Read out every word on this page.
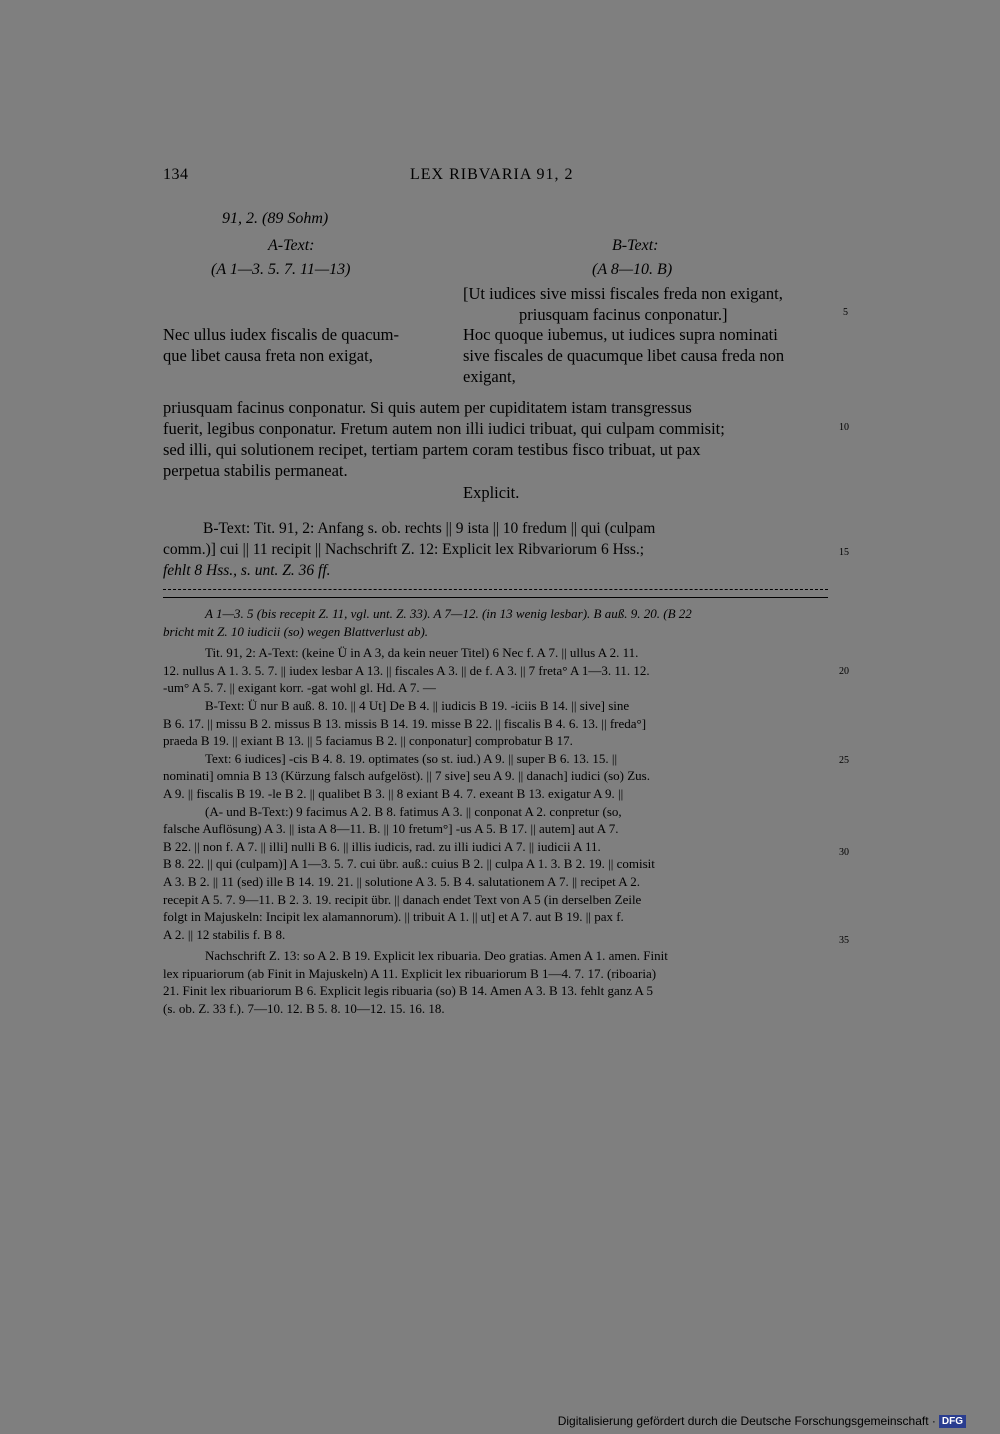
134	LEX RIBVARIA 91, 2
91, 2. (89 Sohm)
A-Text:
(A 1—3. 5. 7. 11—13)
B-Text:
(A 8—10. B)
[Ut iudices sive missi fiscales freda non exigant,
priusquam facinus conponatur.]
Nec ullus iudex fiscalis de quacum-
que libet causa freta non exigat,
Hoc quoque iubemus, ut iudices supra nominati
sive fiscales de quacumque libet causa freda non
exigant,
priusquam facinus conponatur. Si quis autem per cupiditatem istam transgressus
fuerit, legibus conponatur. Fretum autem non illi iudici tribuat, qui culpam commisit;
sed illi, qui solutionem recipet, tertiam partem coram testibus fisco tribuat, ut pax
perpetua stabilis permaneat.
Explicit.
5
10
15
20
25
30
35
B-Text: Tit. 91, 2: Anfang s. ob. rechts || 9 ista || 10 fredum || qui (culpam
comm.)] cui || 11 recipit || Nachschrift Z. 12: Explicit lex Ribvariorum 6 Hss.;
fehlt 8 Hss., s. unt. Z. 36 ff.
A 1—3. 5 (bis recepit Z. 11, vgl. unt. Z. 33). A 7—12. (in 13 wenig lesbar). B auß. 9. 20. (B 22
bricht mit Z. 10 iudicii (so) wegen Blattverlust ab).
Tit. 91, 2: A-Text: (keine Ü in A 3, da kein neuer Titel) 6 Nec f. A 7. || ullus A 2. 11.
12. nullus A 1. 3. 5. 7. || iudex lesbar A 13. || fiscales A 3. || de f. A 3. || 7 freta° A 1—3. 11. 12.
-um° A 5. 7. || exigant korr. -gat wohl gl. Hd. A 7. —
B-Text: Ü nur B auß. 8. 10. || 4 Ut] De B 4. || iudicis B 19. -iciis B 14. || sive] sine
B 6. 17. || missu B 2. missus B 13. missis B 14. 19. misse B 22. || fiscalis B 4. 6. 13. || freda°]
praeda B 19. || exiant B 13. || 5 faciamus B 2. || conponatur] comprobatur B 17.
Text: 6 iudices] -cis B 4. 8. 19. optimates (so st. iud.) A 9. || super B 6. 13. 15. ||
nominati] omnia B 13 (Kürzung falsch aufgelöst). || 7 sive] seu A 9. || danach] iudici (so) Zus.
A 9. || fiscalis B 19. -le B 2. || qualibet B 3. || 8 exiant B 4. 7. exeant B 13. exigatur A 9. ||
(A- und B-Text:) 9 facimus A 2. B 8. fatimus A 3. || conponat A 2. conpretur (so,
falsche Auflösung) A 3. || ista A 8—11. B. || 10 fretum°] -us A 5. B 17. || autem] aut A 7.
B 22. || non f. A 7. || illi] nulli B 6. || illis iudicis, rad. zu illi iudici A 7. || iudicii A 11.
B 8. 22. || qui (culpam)] A 1—3. 5. 7. cui übr. auß.: cuius B 2. || culpa A 1. 3. B 2. 19. || comisit
A 3. B 2. || 11 (sed) ille B 14. 19. 21. || solutione A 3. 5. B 4. salutationem A 7. || recipet A 2.
recepit A 5. 7. 9—11. B 2. 3. 19. recipit übr. || danach endet Text von A 5 (in derselben Zeile
folgt in Majuskeln: Incipit lex alamannorum). || tribuit A 1. || ut] et A 7. aut B 19. || pax f.
A 2. || 12 stabilis f. B 8.
Nachschrift Z. 13: so A 2. B 19. Explicit lex ribuaria. Deo gratias. Amen A 1. amen. Finit
lex ripuariorum (ab Finit in Majuskeln) A 11. Explicit lex ribuariorum B 1—4. 7. 17. (riboaria)
21. Finit lex ribuariorum B 6. Explicit legis ribuaria (so) B 14. Amen A 3. B 13. fehlt ganz A 5
(s. ob. Z. 33 f.). 7—10. 12. B 5. 8. 10—12. 15. 16. 18.
Digitalisierung gefördert durch die Deutsche Forschungsgemeinschaft · DFG
